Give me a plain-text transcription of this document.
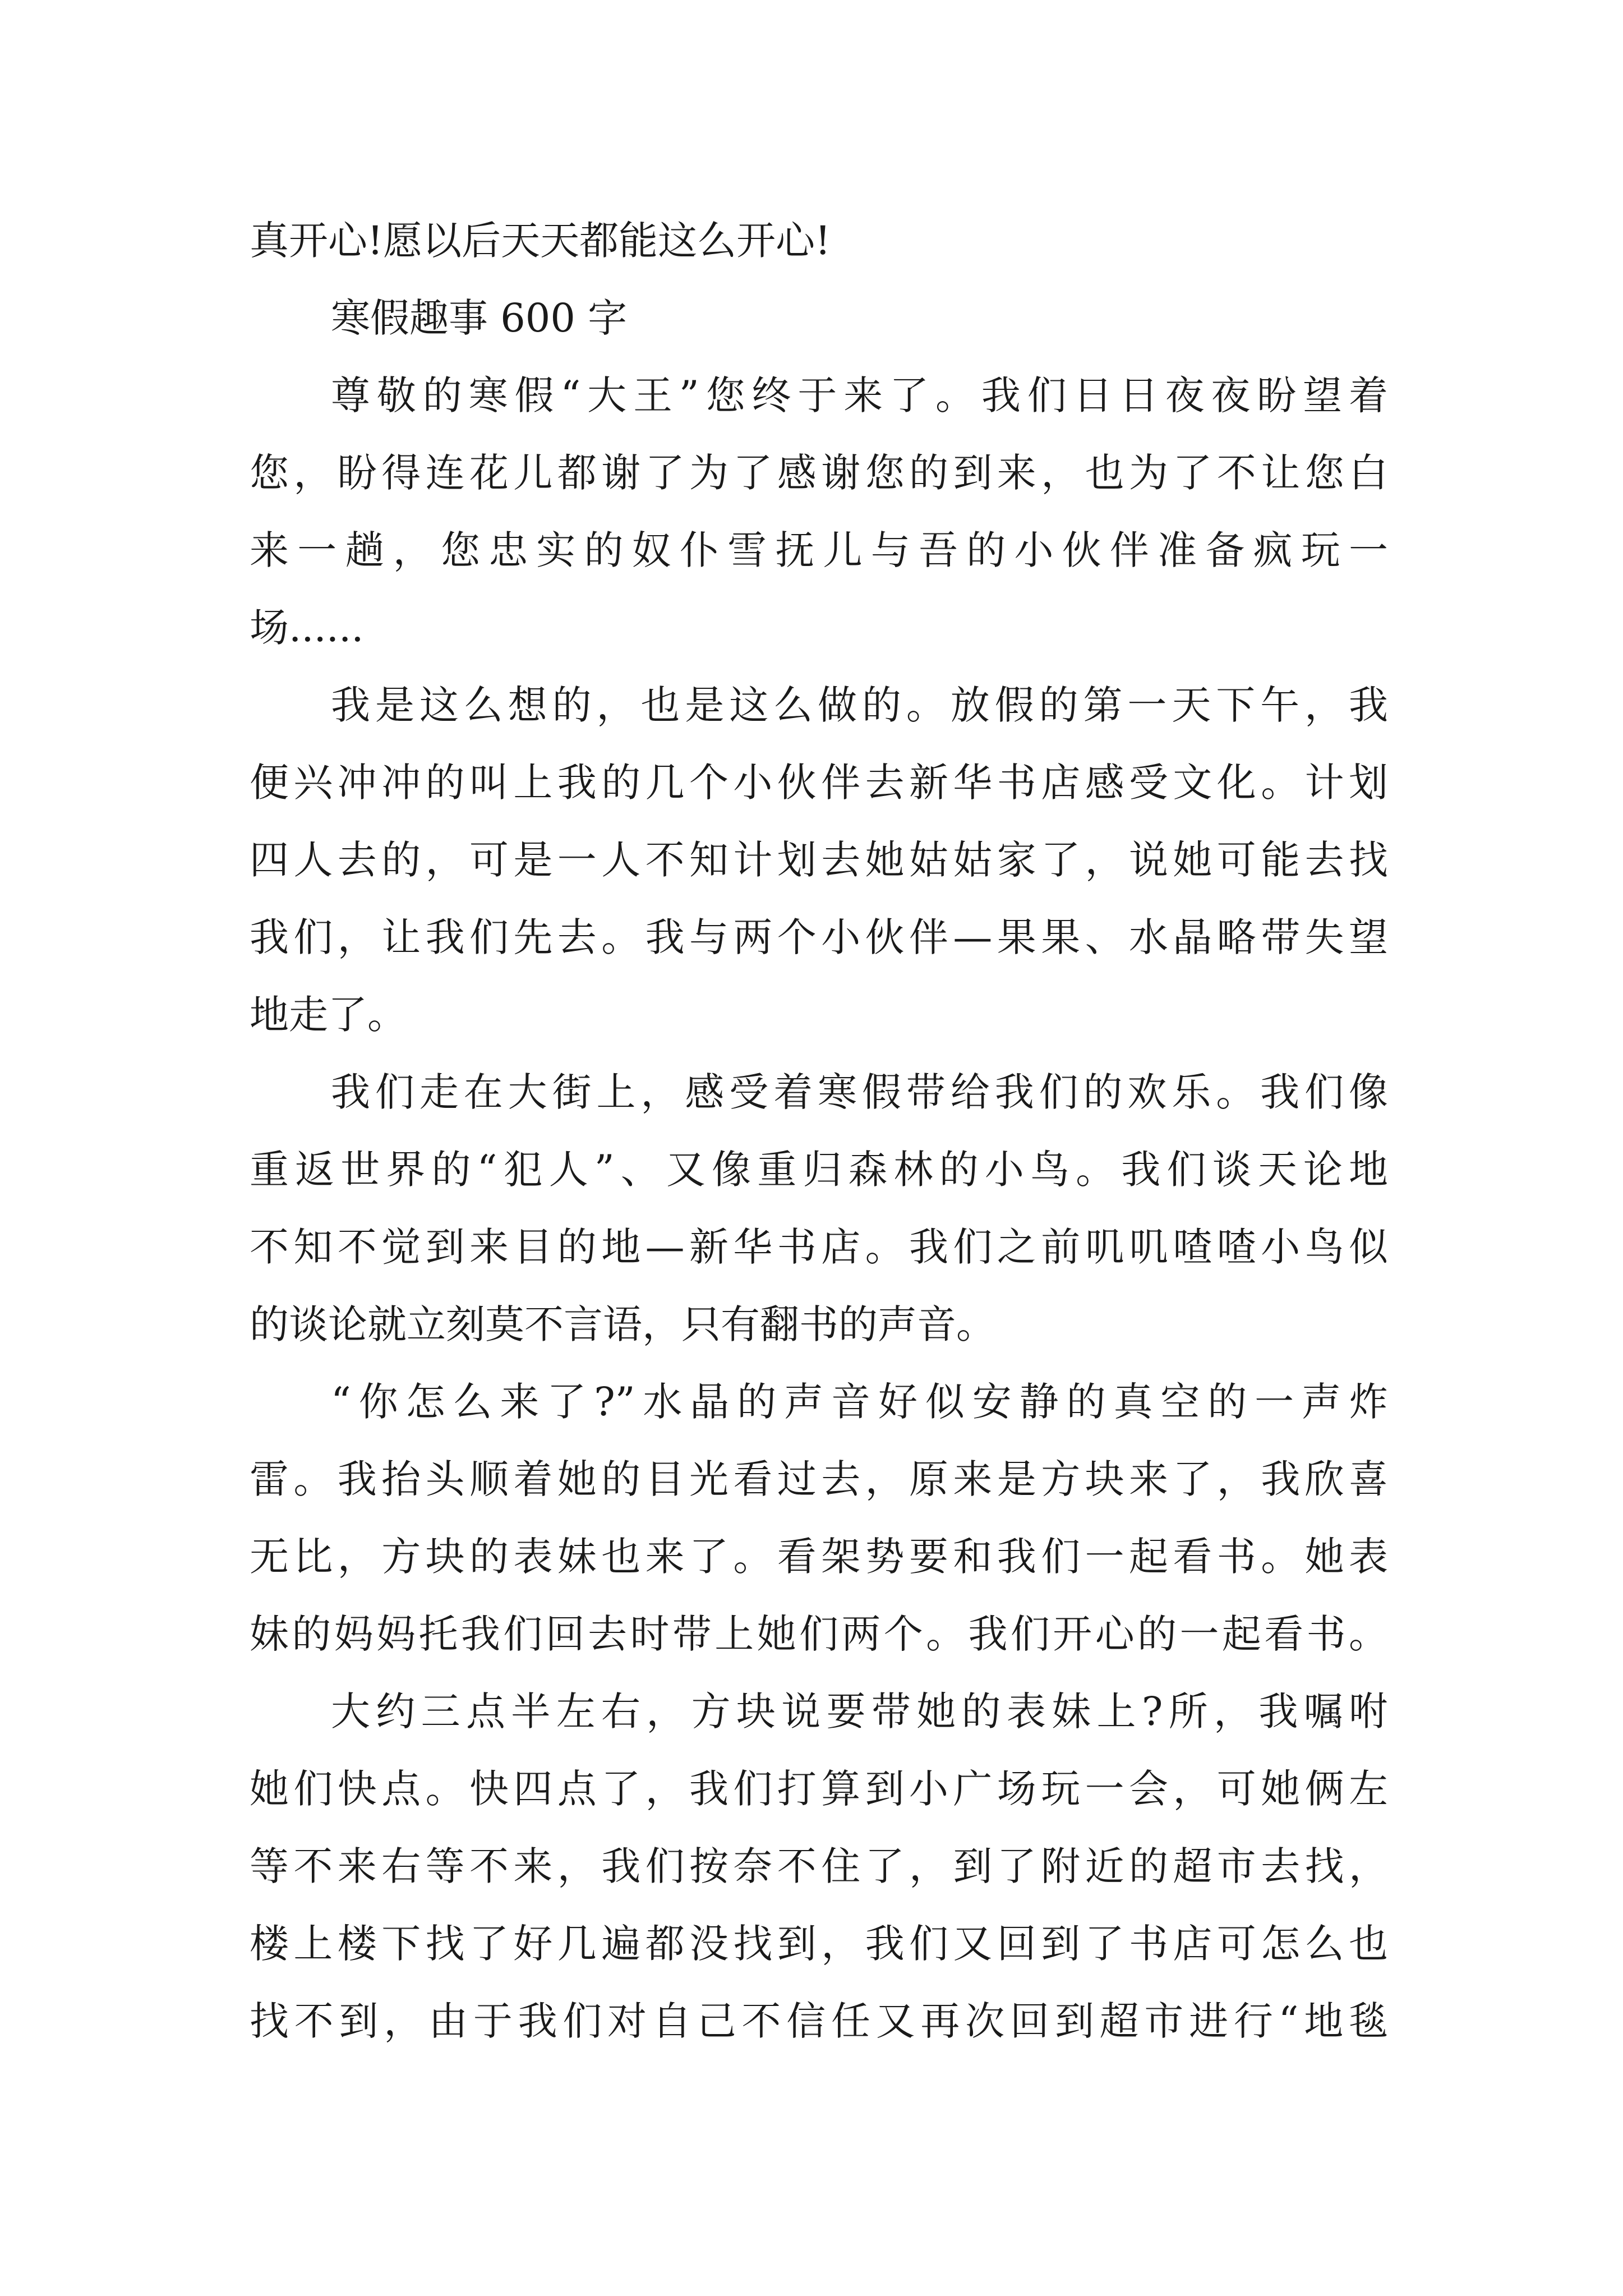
真开心!愿以后天天都能这么开心!
寒假趣事 600 字
尊敬的寒假“大王”您终于来了。我们日日夜夜盼望着
您，盼得连花儿都谢了为了感谢您的到来，也为了不让您白
来一趟，您忠实的奴仆雪抚儿与吾的小伙伴准备疯玩一
场......
我是这么想的，也是这么做的。放假的第一天下午，我
便兴冲冲的叫上我的几个小伙伴去新华书店感受文化。计划
四人去的，可是一人不知计划去她姑姑家了，说她可能去找
我们，让我们先去。我与两个小伙伴—果果、水晶略带失望
地走了。
我们走在大街上，感受着寒假带给我们的欢乐。我们像
重返世界的“犯人”、又像重归森林的小鸟。我们谈天论地
不知不觉到来目的地—新华书店。我们之前叽叽喳喳小鸟似
的谈论就立刻莫不言语，只有翻书的声音。
“你怎么来了?”水晶的声音好似安静的真空的一声炸
雷。我抬头顺着她的目光看过去，原来是方块来了，我欣喜
无比，方块的表妹也来了。看架势要和我们一起看书。她表
妹的妈妈托我们回去时带上她们两个。我们开心的一起看书。
大约三点半左右，方块说要带她的表妹上?所，我嘱咐
她们快点。快四点了，我们打算到小广场玩一会，可她俩左
等不来右等不来，我们按奈不住了，到了附近的超市去找，
楼上楼下找了好几遍都没找到，我们又回到了书店可怎么也
找不到，由于我们对自己不信任又再次回到超市进行“地毯
